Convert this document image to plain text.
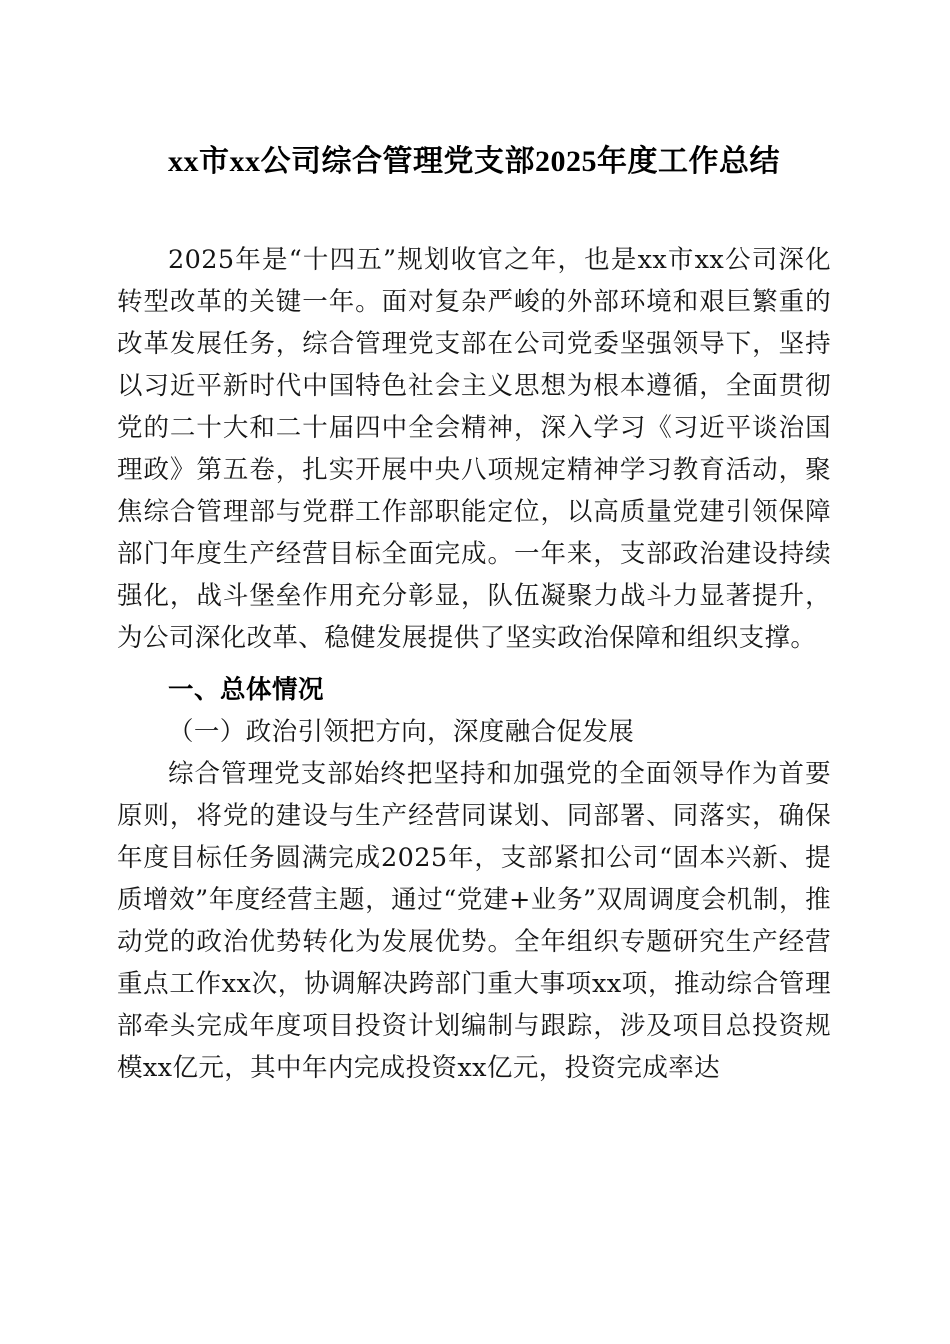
xx市xx公司综合管理党支部2025年度工作总结

2025年是“十四五”规划收官之年，也是xx市xx公司深化转型改革的关键一年。面对复杂严峻的外部环境和艰巨繁重的改革发展任务，综合管理党支部在公司党委坚强领导下，坚持以习近平新时代中国特色社会主义思想为根本遵循，全面贯彻党的二十大和二十届四中全会精神，深入学习《习近平谈治国理政》第五卷，扎实开展中央八项规定精神学习教育活动，聚焦综合管理部与党群工作部职能定位，以高质量党建引领保障部门年度生产经营目标全面完成。一年来，支部政治建设持续强化，战斗堡垒作用充分彰显，队伍凝聚力战斗力显著提升，为公司深化改革、稳健发展提供了坚实政治保障和组织支撑。

一、总体情况
（一）政治引领把方向，深度融合促发展

综合管理党支部始终把坚持和加强党的全面领导作为首要原则，将党的建设与生产经营同谋划、同部署、同落实，确保年度目标任务圆满完成2025年，支部紧扣公司“固本兴新、提质增效”年度经营主题，通过“党建+业务”双周调度会机制，推动党的政治优势转化为发展优势。全年组织专题研究生产经营重点工作xx次，协调解决跨部门重大事项xx项，推动综合管理部牵头完成年度项目投资计划编制与跟踪，涉及项目总投资规模xx亿元，其中年内完成投资xx亿元，投资完成率达
